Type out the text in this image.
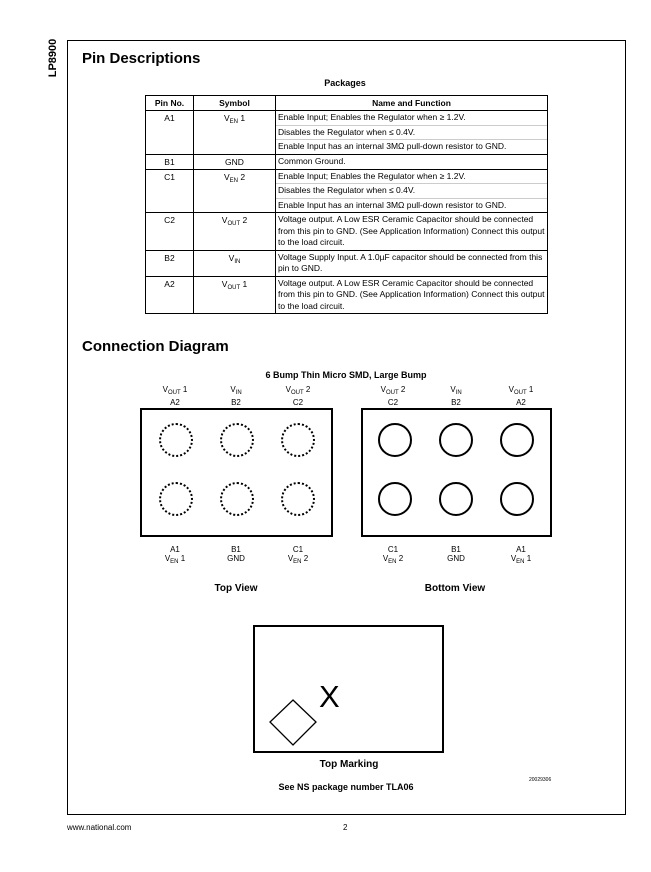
LP8900 Pin Descriptions
Packages
Pin No.	Symbol	Name and Function
A1	$V_{EN}$ 1	Enable Input; Enables the Regulator when ≥ 1.2V.
Disables the Regulator when ≤ 0.4V.
Enable Input has an internal 3MΩ pull-down resistor to GND.

B1	GND	Common Ground.

C1	$V_{EN}$ 2	Enable Input; Enables the Regulator when ≥ 1.2V.
Disables the Regulator when ≤ 0.4V.
Enable Input has an internal 3MΩ pull-down resistor to GND.

C2	$V_{OUT}$ 2	Voltage output. A Low ESR Ceramic Capacitor should be connected from this pin to GND. (See Application Information) Connect this output to the load circuit.

B2	$V_{IN}$	Voltage Supply Input. A 1.0µF capacitor should be connected from this pin to GND.

A2	$V_{OUT}$ 1	Voltage output. A Low ESR Ceramic Capacitor should be connected from this pin to GND. (See Application Information) Connect this output to the load circuit.
Connection Diagram
6 Bump Thin Micro SMD, Large Bump
$V_{OUT}$ 1
A2
$V_{IN}$
B2
$V_{OUT}$ 2
C2
A1
$V_{EN}$ 1
B1
GND
C1
$V_{EN}$ 2
Top View
$V_{OUT}$ 2
C2
$V_{IN}$
B2
$V_{OUT}$ 1
A2
C1
$V_{EN}$ 2
B1
GND
A1
$V_{EN}$ 1
Bottom View
X
Top Marking
20029306
See NS package number TLA06
www.national.com	2
